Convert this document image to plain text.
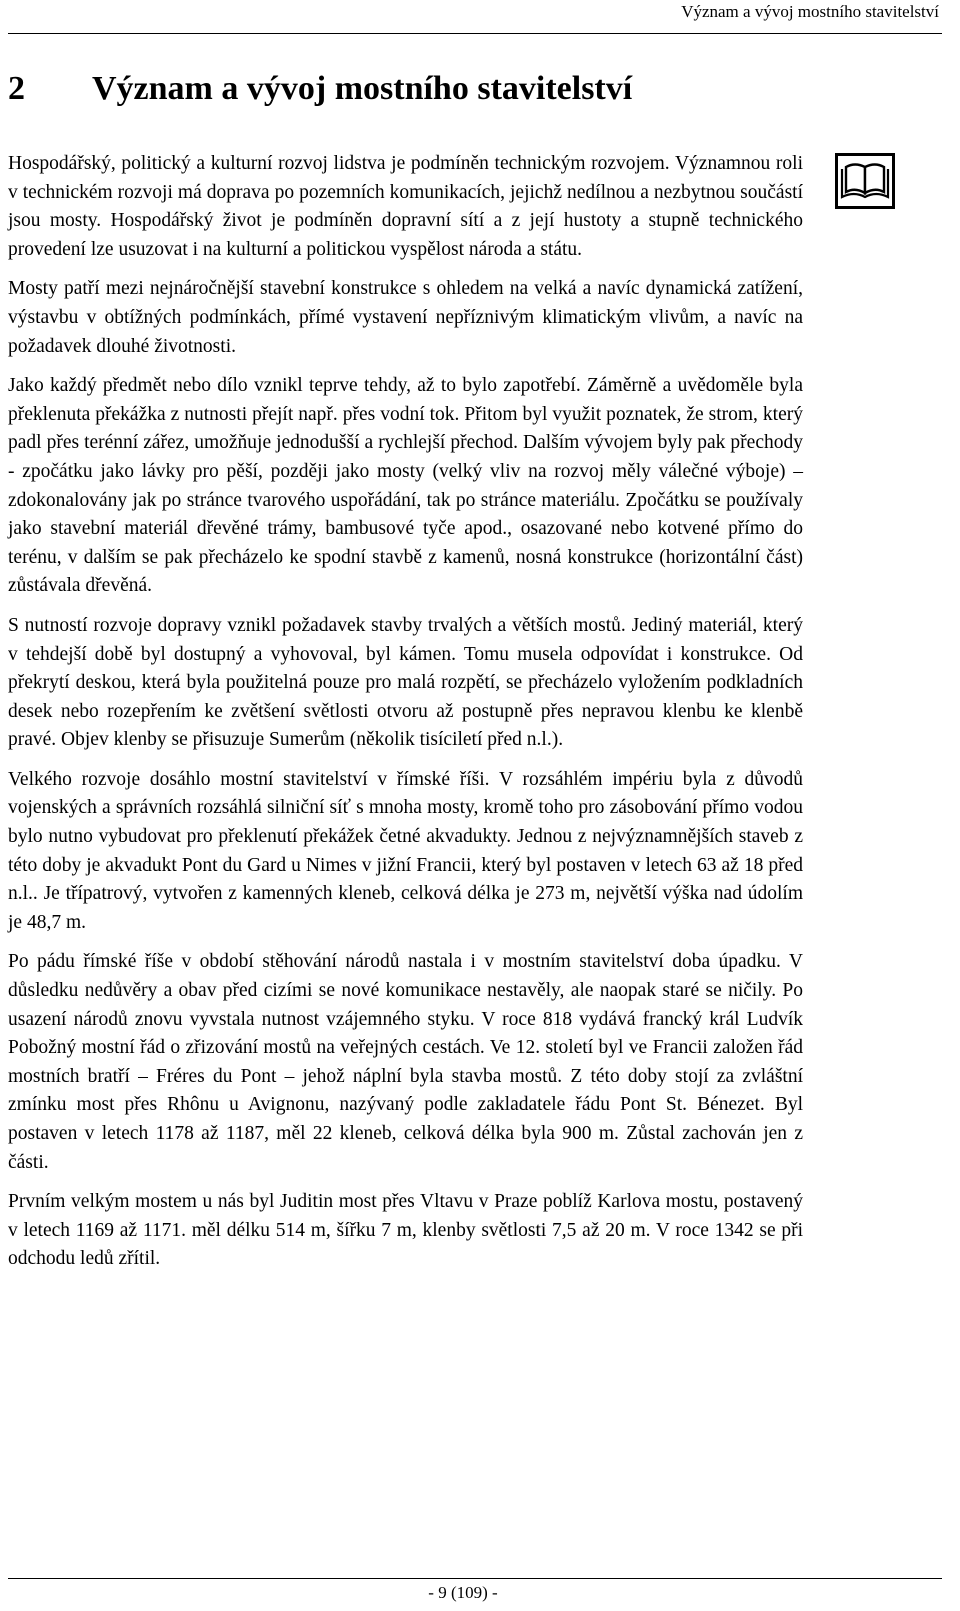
Význam a vývoj mostního stavitelství
2 Význam a vývoj mostního stavitelství

Hospodářský, politický a kulturní rozvoj lidstva je podmíněn technickým rozvojem. Významnou roli v technickém rozvoji má doprava po pozemních komunikacích, jejichž nedílnou a nezbytnou součástí jsou mosty. Hospodářský život je podmíněn dopravní sítí a z její hustoty a stupně technického provedení lze usuzovat i na kulturní a politickou vyspělost národa a státu.

Mosty patří mezi nejnáročnější stavební konstrukce s ohledem na velká a navíc dynamická zatížení, výstavbu v obtížných podmínkách, přímé vystavení nepříznivým klimatickým vlivům, a navíc na požadavek dlouhé životnosti.

Jako každý předmět nebo dílo vznikl teprve tehdy, až to bylo zapotřebí. Záměrně a uvědoměle byla překlenuta překážka z nutnosti přejít např. přes vodní tok. Přitom byl využit poznatek, že strom, který padl přes terénní zářez, umožňuje jednodušší a rychlejší přechod. Dalším vývojem byly pak přechody - zpočátku jako lávky pro pěší, později jako mosty (velký vliv na rozvoj měly válečné výboje) – zdokonalovány jak po stránce tvarového uspořádání, tak po stránce materiálu. Zpočátku se používaly jako stavební materiál dřevěné trámy, bambusové tyče apod., osazované nebo kotvené přímo do terénu, v dalším se pak přecházelo ke spodní stavbě z kamenů, nosná konstrukce (horizontální část) zůstávala dřevěná.

S nutností rozvoje dopravy vznikl požadavek stavby trvalých a větších mostů. Jediný materiál, který v tehdejší době byl dostupný a vyhovoval, byl kámen. Tomu musela odpovídat i konstrukce. Od překrytí deskou, která byla použitelná pouze pro malá rozpětí, se přecházelo vyložením podkladních desek nebo rozepřením ke zvětšení světlosti otvoru až postupně přes nepravou klenbu ke klenbě pravé. Objev klenby se přisuzuje Sumerům (několik tisíciletí před n.l.).

Velkého rozvoje dosáhlo mostní stavitelství v římské říši. V rozsáhlém impériu byla z důvodů vojenských a správních rozsáhlá silniční síť s mnoha mosty, kromě toho pro zásobování přímo vodou bylo nutno vybudovat pro překlenutí překážek četné akvadukty. Jednou z nejvýznamnějších staveb z této doby je akvadukt Pont du Gard u Nimes v jižní Francii, který byl postaven v letech 63 až 18 před n.l.. Je třípatrový, vytvořen z kamenných kleneb, celková délka je 273 m, největší výška nad údolím je 48,7 m.

Po pádu římské říše v období stěhování národů nastala i v mostním stavitelství doba úpadku. V důsledku nedůvěry a obav před cizími se nové komunikace nestavěly, ale naopak staré se ničily. Po usazení národů znovu vyvstala nutnost vzájemného styku. V roce 818 vydává francký král Ludvík Pobožný mostní řád o zřizování mostů na veřejných cestách. Ve 12. století byl ve Francii založen řád mostních bratří – Fréres du Pont – jehož náplní byla stavba mostů. Z této doby stojí za zvláštní zmínku most přes Rhônu u Avignonu, nazývaný podle zakladatele řádu Pont St. Bénezet. Byl postaven v letech 1178 až 1187, měl 22 kleneb, celková délka byla 900 m. Zůstal zachován jen z části.

Prvním velkým mostem u nás byl Juditin most přes Vltavu v Praze poblíž Karlova mostu, postavený v letech 1169 až 1171. měl délku 514 m, šířku 7 m, klenby světlosti 7,5 až 20 m. V roce 1342 se při odchodu ledů zřítil.

- 9 (109) -
